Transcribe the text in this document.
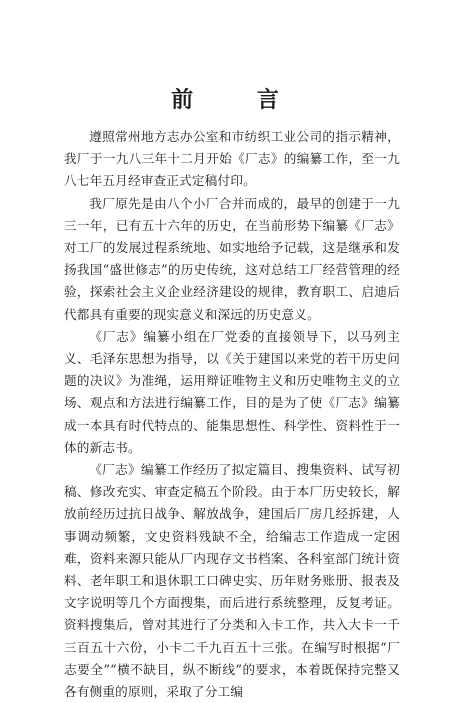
前 言

遵照常州地方志办公室和市纺织工业公司的指示精神，我厂于一九八三年十二月开始《厂志》的编纂工作，至一九八七年五月经审查正式定稿付印。

我厂原先是由八个小厂合并而成的，最早的创建于一九三一年，已有五十六年的历史，在当前形势下编纂《厂志》对工厂的发展过程系统地、如实地给予记载，这是继承和发扬我国“盛世修志”的历史传统，这对总结工厂经营管理的经验，探索社会主义企业经济建设的规律，教育职工、启迪后代都具有重要的现实意义和深远的历史意义。

《厂志》编纂小组在厂党委的直接领导下，以马列主义、毛泽东思想为指导，以《关于建国以来党的若干历史问题的决议》为准绳，运用辩证唯物主义和历史唯物主义的立场、观点和方法进行编纂工作，目的是为了使《厂志》编纂成一本具有时代特点的、能集思想性、科学性、资料性于一体的新志书。

《厂志》编纂工作经历了拟定篇目、搜集资料、试写初稿、修改充实、审查定稿五个阶段。由于本厂历史较长，解放前经历过抗日战争、解放战争，建国后厂房几经拆建，人事调动频繁，文史资料残缺不全，给编志工作造成一定困难，资料来源只能从厂内现存文书档案、各科室部门统计资料、老年职工和退休职工口碑史实、历年财务账册、报表及文字说明等几个方面搜集，而后进行系统整理，反复考证。资料搜集后，曾对其进行了分类和入卡工作，共入大卡一千三百五十六份，小卡二千九百五十三张。在编写时根据“厂志要全”“横不缺目，纵不断线”的要求，本着既保持完整又各有侧重的原则，采取了分工编
